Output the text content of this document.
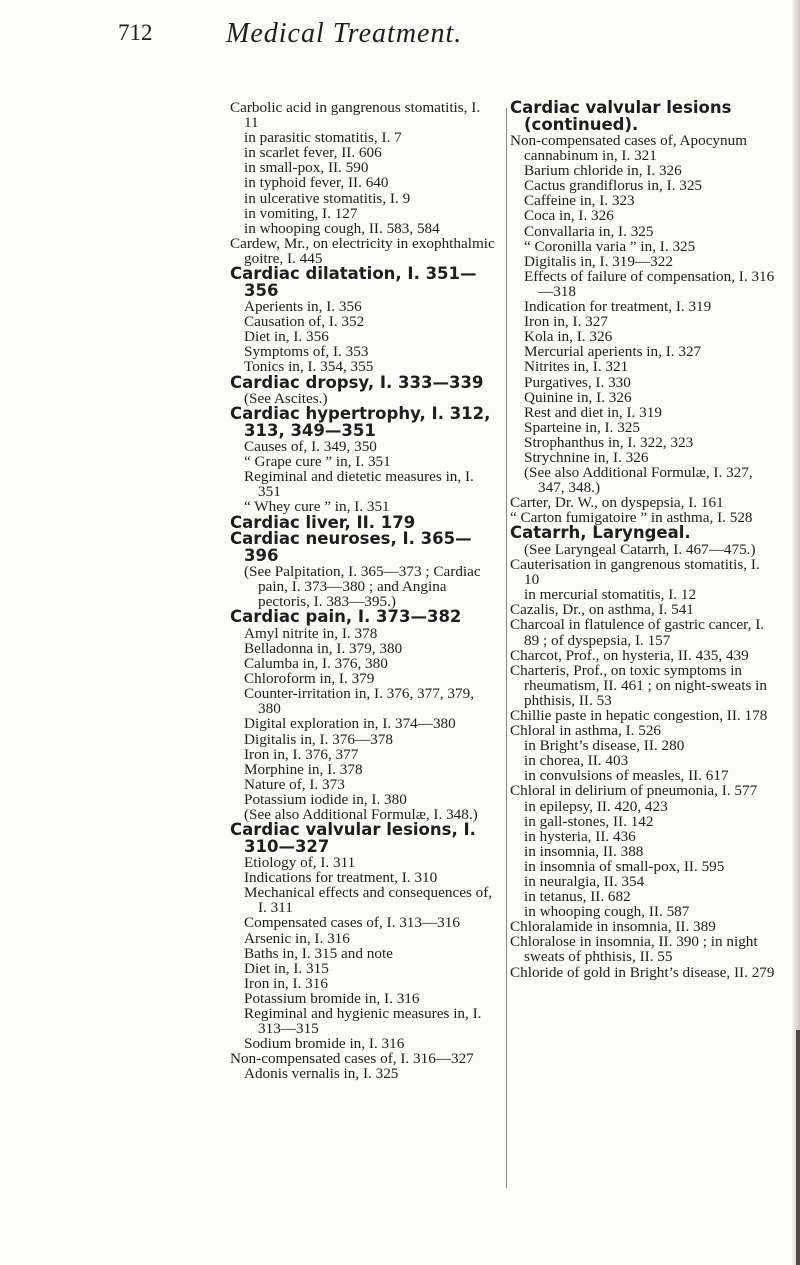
712	Medical Treatment.

Carbolic acid in gangrenous stomatitis, I. 11

in parasitic stomatitis, I. 7

in scarlet fever, II. 606

in small-pox, II. 590

in typhoid fever, II. 640

in ulcerative stomatitis, I. 9

in vomiting, I. 127

in whooping cough, II. 583, 584

Cardew, Mr., on electricity in exophthalmic goitre, I. 445

Cardiac dilatation, I. 351—356

Aperients in, I. 356

Causation of, I. 352

Diet in, I. 356

Symptoms of, I. 353

Tonics in, I. 354, 355

Cardiac dropsy, I. 333—339

(See Ascites.)

Cardiac hypertrophy, I. 312, 313, 349—351

Causes of, I. 349, 350

“ Grape cure ” in, I. 351

Regiminal and dietetic measures in, I. 351

“ Whey cure ” in, I. 351

Cardiac liver, II. 179

Cardiac neuroses, I. 365—396

(See Palpitation, I. 365—373 ; Cardiac pain, I. 373—380 ; and Angina pectoris, I. 383—395.)

Cardiac pain, I. 373—382

Amyl nitrite in, I. 378

Belladonna in, I. 379, 380

Calumba in, I. 376, 380

Chloroform in, I. 379

Counter-irritation in, I. 376, 377, 379, 380

Digital exploration in, I. 374—380

Digitalis in, I. 376—378

Iron in, I. 376, 377

Morphine in, I. 378

Nature of, I. 373

Potassium iodide in, I. 380

(See also Additional Formulæ, I. 348.)

Cardiac valvular lesions, I. 310—327

Etiology of, I. 311

Indications for treatment, I. 310

Mechanical effects and consequences of, I. 311

Compensated cases of, I. 313—316

Arsenic in, I. 316

Baths in, I. 315 and note

Diet in, I. 315

Iron in, I. 316

Potassium bromide in, I. 316

Regiminal and hygienic measures in, I. 313—315

Sodium bromide in, I. 316

Non-compensated cases of, I. 316—327

Adonis vernalis in, I. 325

Cardiac valvular lesions (continued).

Non-compensated cases of, Apocynum cannabinum in, I. 321

Barium chloride in, I. 326

Cactus grandiflorus in, I. 325

Caffeine in, I. 323

Coca in, I. 326

Convallaria in, I. 325

“ Coronilla varia ” in, I. 325

Digitalis in, I. 319—322

Effects of failure of compensation, I. 316—318

Indication for treatment, I. 319

Iron in, I. 327

Kola in, I. 326

Mercurial aperients in, I. 327

Nitrites in, I. 321

Purgatives, I. 330

Quinine in, I. 326

Rest and diet in, I. 319

Sparteine in, I. 325

Strophanthus in, I. 322, 323

Strychnine in, I. 326

(See also Additional Formulæ, I. 327, 347, 348.)

Carter, Dr. W., on dyspepsia, I. 161

“ Carton fumigatoire ” in asthma, I. 528

Catarrh, Laryngeal.

(See Laryngeal Catarrh, I. 467—475.)

Cauterisation in gangrenous stomatitis, I. 10

in mercurial stomatitis, I. 12

Cazalis, Dr., on asthma, I. 541

Charcoal in flatulence of gastric cancer, I. 89 ; of dyspepsia, I. 157

Charcot, Prof., on hysteria, II. 435, 439

Charteris, Prof., on toxic symptoms in rheumatism, II. 461 ; on night-sweats in phthisis, II. 53

Chillie paste in hepatic congestion, II. 178

Chloral in asthma, I. 526

in Bright’s disease, II. 280

in chorea, II. 403

in convulsions of measles, II. 617

Chloral in delirium of pneumonia, I. 577

in epilepsy, II. 420, 423

in gall-stones, II. 142

in hysteria, II. 436

in insomnia, II. 388

in insomnia of small-pox, II. 595

in neuralgia, II. 354

in tetanus, II. 682

in whooping cough, II. 587

Chloralamide in insomnia, II. 389

Chloralose in insomnia, II. 390 ; in night sweats of phthisis, II. 55

Chloride of gold in Bright’s disease, II. 279
